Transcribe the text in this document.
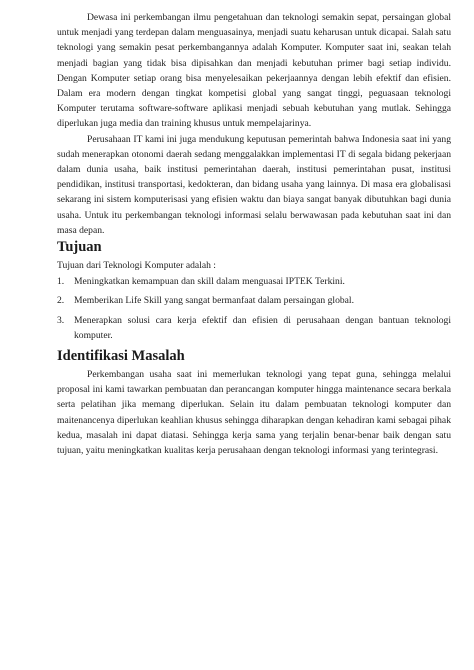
Dewasa ini perkembangan ilmu pengetahuan dan teknologi semakin sepat, persaingan global untuk menjadi yang terdepan dalam menguasainya, menjadi suatu keharusan untuk dicapai. Salah satu teknologi yang semakin pesat perkembangannya adalah Komputer. Komputer saat ini, seakan telah menjadi bagian yang tidak bisa dipisahkan dan menjadi kebutuhan primer bagi setiap individu. Dengan Komputer setiap orang bisa menyelesaikan pekerjaannya dengan lebih efektif dan efisien. Dalam era modern dengan tingkat kompetisi global yang sangat tinggi, peguasaan teknologi Komputer terutama software-software aplikasi menjadi sebuah kebutuhan yang mutlak. Sehingga diperlukan juga media dan training khusus untuk mempelajarinya.

Perusahaan IT kami ini juga mendukung keputusan pemerintah bahwa Indonesia saat ini yang sudah menerapkan otonomi daerah sedang menggalakkan implementasi IT di segala bidang pekerjaan dalam dunia usaha, baik institusi pemerintahan daerah, institusi pemerintahan pusat, institusi pendidikan, institusi transportasi, kedokteran, dan bidang usaha yang lainnya. Di masa era globalisasi sekarang ini sistem komputerisasi yang efisien waktu dan biaya sangat banyak dibutuhkan bagi dunia usaha. Untuk itu perkembangan teknologi informasi selalu berwawasan pada kebutuhan saat ini dan masa depan.

Tujuan

Tujuan dari Teknologi Komputer adalah :

1. Meningkatkan kemampuan dan skill dalam menguasai IPTEK Terkini.
2. Memberikan Life Skill yang sangat bermanfaat dalam persaingan global.
3. Menerapkan solusi cara kerja efektif dan efisien di perusahaan dengan bantuan teknologi komputer.
Identifikasi Masalah

Perkembangan usaha saat ini memerlukan teknologi yang tepat guna, sehingga melalui proposal ini kami tawarkan pembuatan dan perancangan komputer hingga maintenance secara berkala serta pelatihan jika memang diperlukan. Selain itu dalam pembuatan teknologi komputer dan maitenancenya diperlukan keahlian khusus sehingga diharapkan dengan kehadiran kami sebagai pihak kedua, masalah ini dapat diatasi. Sehingga kerja sama yang terjalin benar-benar baik dengan satu tujuan, yaitu meningkatkan kualitas kerja perusahaan dengan teknologi informasi yang terintegrasi.
